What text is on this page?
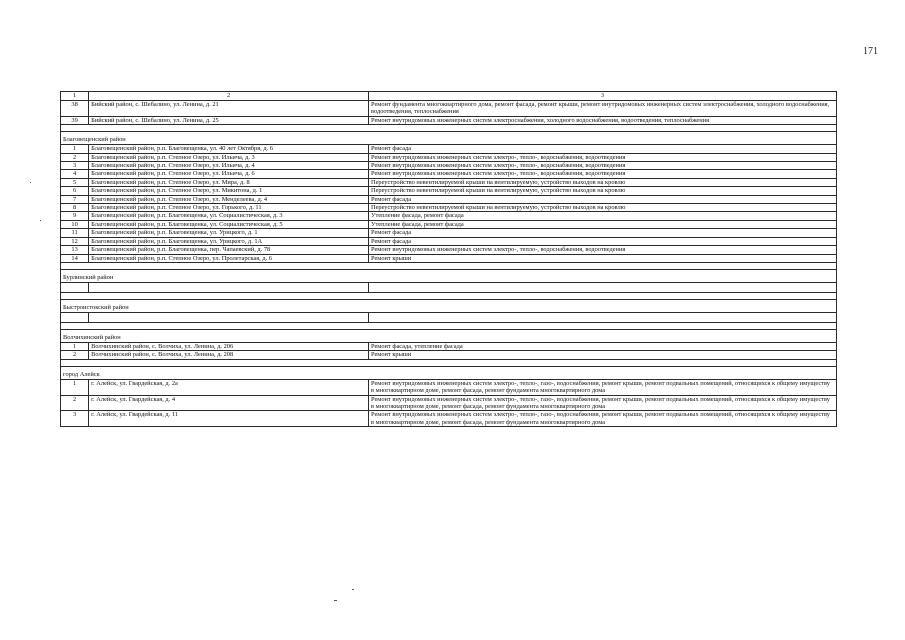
171
1	2	3
38	Бийский район, с. Шебалино, ул. Ленина, д. 21	Ремонт фундамента многоквартирного дома, ремонт фасада, ремонт крыши, ремонт внутридомовых инженерных систем электроснабжения, холодного водоснабжения, водоотведения, теплоснабжения
39	Бийский район, с. Шебалино, ул. Ленина, д. 25	Ремонт внутридомовых инженерных систем электроснабжения, холодного водоснабжения, водоотведения, теплоснабжения

Благовещенский район		
1	Благовещенский район, р.п. Благовещенка, ул. 40 лет Октября, д. 6	Ремонт фасада
2	Благовещенский район, р.п. Степное Озеро, ул. Ильича, д. 3	Ремонт внутридомовых инженерных систем электро-, тепло-, водоснабжения, водоотведения
3	Благовещенский район, р.п. Степное Озеро, ул. Ильича, д. 4	Ремонт внутридомовых инженерных систем электро-, тепло-, водоснабжения, водоотведения
4	Благовещенский район, р.п. Степное Озеро, ул. Ильича, д. 6	Ремонт внутридомовых инженерных систем электро-, тепло-, водоснабжения, водоотведения
5	Благовещенский район, р.п. Степное Озеро, ул. Мира, д. 8	Переустройство невентилируемой крыши на вентилируемую, устройство выходов на кровлю
6	Благовещенский район, р.п. Степное Озеро, ул. Микитона, д. 1	Переустройство невентилируемой крыши на вентилируемую, устройство выходов на кровлю
7	Благовещенский район, р.п. Степное Озеро, ул. Менделеева, д. 4	Ремонт фасада
8	Благовещенский район, р.п. Степное Озеро, ул. Горького, д. 11	Переустройство невентилируемой крыши на вентилируемую, устройство выходов на кровлю
9	Благовещенский район, р.п. Благовещенка, ул. Социалистическая, д. 3	Утепление фасада, ремонт фасада
10	Благовещенский район, р.п. Благовещенка, ул. Социалистическая, д. 5	Утепление фасада, ремонт фасада
11	Благовещенский район, р.п. Благовещенка, ул. Урицкого, д. 1	Ремонт фасада
12	Благовещенский район, р.п. Благовещенка, ул. Урицкого, д. 1А	Ремонт фасада
13	Благовещенский район, р.п. Благовещенка, пер. Чапаевский, д. 78	Ремонт внутридомовых инженерных систем электро-, тепло-, водоснабжения, водоотведения
14	Благовещенский район, р.п. Степное Озеро, ул. Пролетарская, д. 6	Ремонт крыши

Бурлинский район		

Быстроистокский район		

Волчихинский район		
1	Волчихинский район, с. Волчиха, ул. Ленина, д. 206	Ремонт фасада, утепление фасада
2	Волчихинский район, с. Волчиха, ул. Ленина, д. 208	Ремонт крыши

город Алейск		
1	г. Алейск, ул. Гвардейская, д. 2а	Ремонт внутридомовых инженерных систем электро-, тепло-, газо-, водоснабжения, ремонт крыши, ремонт подвальных помещений, относящихся к общему имуществу в многоквартирном доме, ремонт фасада, ремонт фундамента многоквартирного дома
2	г. Алейск, ул. Гвардейская, д. 4	Ремонт внутридомовых инженерных систем электро-, тепло-, газо-, водоснабжения, ремонт крыши, ремонт подвальных помещений, относящихся к общему имуществу в многоквартирном доме, ремонт фасада, ремонт фундамента многоквартирного дома
3	г. Алейск, ул. Гвардейская, д. 11	Ремонт внутридомовых инженерных систем электро-, тепло-, газо-, водоснабжения, ремонт крыши, ремонт подвальных помещений, относящихся к общему имуществу в многоквартирном доме, ремонт фасада, ремонт фундамента многоквартирного дома
